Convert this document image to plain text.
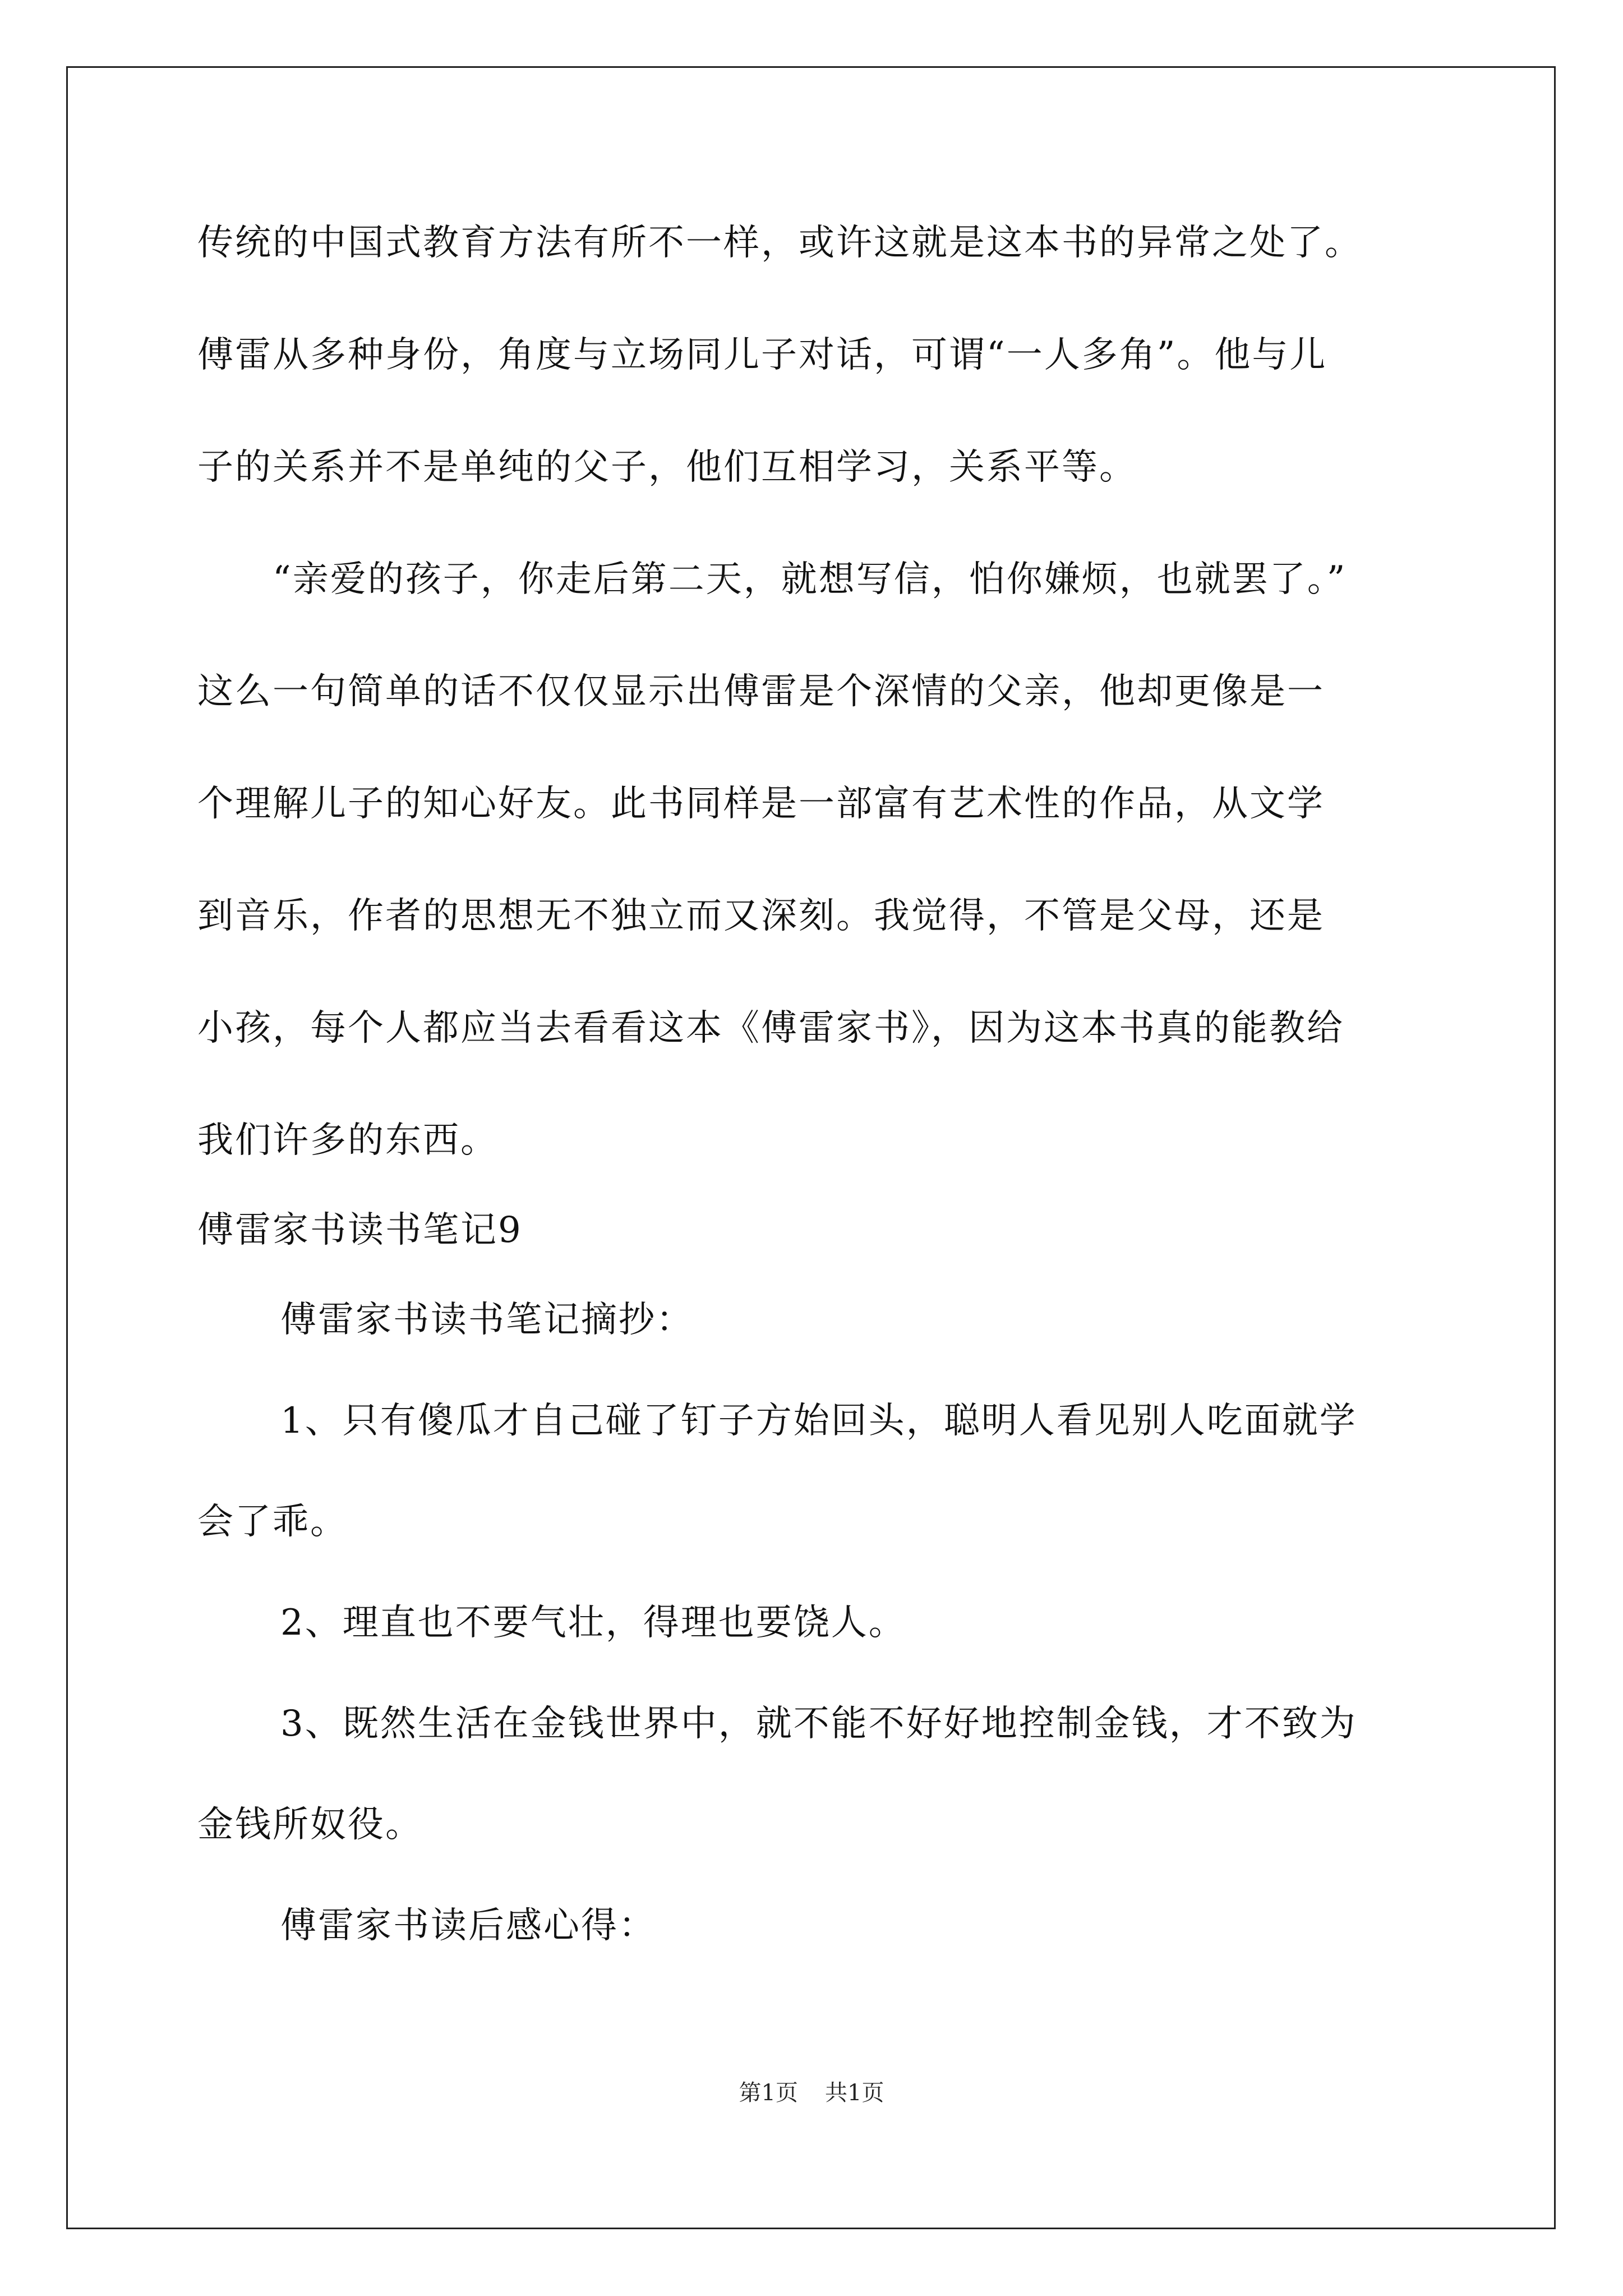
传统的中国式教育方法有所不一样，或许这就是这本书的异常之处了。
傅雷从多种身份，角度与立场同儿子对话，可谓“一人多角”。他与儿
子的关系并不是单纯的父子，他们互相学习，关系平等。
“亲爱的孩子，你走后第二天，就想写信，怕你嫌烦，也就罢了。”
这么一句简单的话不仅仅显示出傅雷是个深情的父亲，他却更像是一
个理解儿子的知心好友。此书同样是一部富有艺术性的作品，从文学
到音乐，作者的思想无不独立而又深刻。我觉得，不管是父母，还是
小孩，每个人都应当去看看这本《傅雷家书》，因为这本书真的能教给
我们许多的东西。
傅雷家书读书笔记9
傅雷家书读书笔记摘抄：
1、只有傻瓜才自己碰了钉子方始回头，聪明人看见别人吃面就学
会了乖。
2、理直也不要气壮，得理也要饶人。
3、既然生活在金钱世界中，就不能不好好地控制金钱，才不致为
金钱所奴役。
傅雷家书读后感心得：
第1页 共1页
